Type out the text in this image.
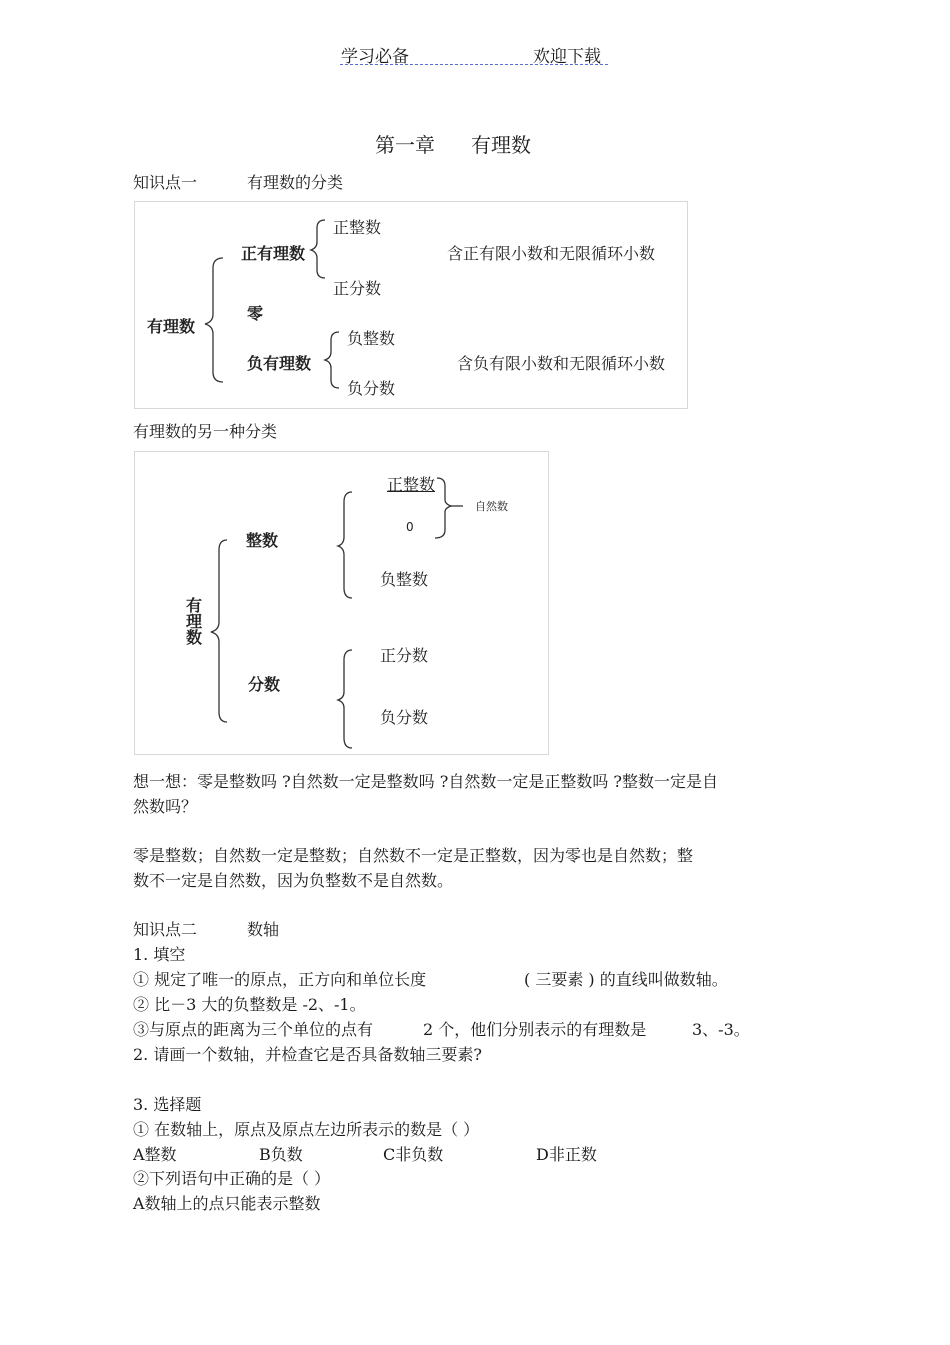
学习必备	欢迎下载
第一章 有理数
知识点一	有理数的分类
有理数
正有理数
正整数
正分数
零
负有理数
负整数
负分数
含正有限小数和无限循环小数
含负有限小数和无限循环小数
有理数的另一种分类
有理数
整数
正整数
0
自然数
负整数
分数
正分数
负分数
想一想：零是整数吗 ?自然数一定是整数吗 ?自然数一定是正整数吗 ?整数一定是自
然数吗？
零是整数；自然数一定是整数；自然数不一定是正整数，因为零也是自然数；整
数不一定是自然数，因为负整数不是自然数。
知识点二	数轴
1. 填空
① 规定了唯一的原点，正方向和单位长度	( 三要素 ) 的直线叫做数轴。
② 比－3 大的负整数是 -2、-1。
③与原点的距离为三个单位的点有	2 个，他们分别表示的有理数是	3、-3。
2. 请画一个数轴，并检查它是否具备数轴三要素?
3. 选择题
① 在数轴上，原点及原点左边所表示的数是（ ）
A整数	B负数	C非负数	D非正数
②下列语句中正确的是（ ）
A数轴上的点只能表示整数
